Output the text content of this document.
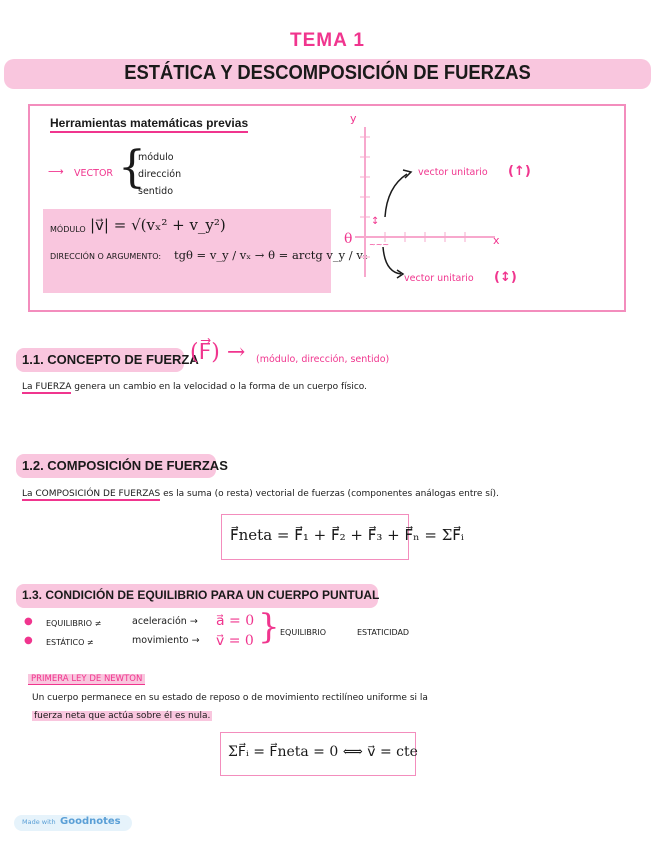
TEMA 1
ESTÁTICA Y DESCOMPOSICIÓN DE FUERZAS
Herramientas matemáticas previas
⟶ VECTOR {
módulo
dirección
sentido
MÓDULO |v⃗| = √(vₓ² + v_y²)
DIRECCIÓN O ARGUMENTO: tgθ = v_y / vₓ → θ = arctg v_y / vₓ
↕
~~~
y
x
θ
vector unitario (↑)
vector unitario (↕)
1.1. CONCEPTO DE FUERZA
(F⃗) → (módulo, dirección, sentido)
La FUERZA genera un cambio en la velocidad o la forma de un cuerpo físico.
1.2. COMPOSICIÓN DE FUERZAS
La COMPOSICIÓN DE FUERZAS es la suma (o resta) vectorial de fuerzas (componentes análogas entre sí).
F⃗neta = F⃗₁ + F⃗₂ + F⃗₃ + F⃗ₙ = ΣF⃗ᵢ
1.3. CONDICIÓN DE EQUILIBRIO PARA UN CUERPO PUNTUAL
● EQUILIBRIO ≠	aceleración → a⃗ = 0
● ESTÁTICO ≠	movimiento → v⃗ = 0 } EQUILIBRIO	ESTATICIDAD
PRIMERA LEY DE NEWTON
Un cuerpo permanece en su estado de reposo o de movimiento rectilíneo uniforme si la
fuerza neta que actúa sobre él es nula.
ΣF⃗ᵢ = F⃗neta = 0 ⟺ v⃗ = cte
Made with Goodnotes
